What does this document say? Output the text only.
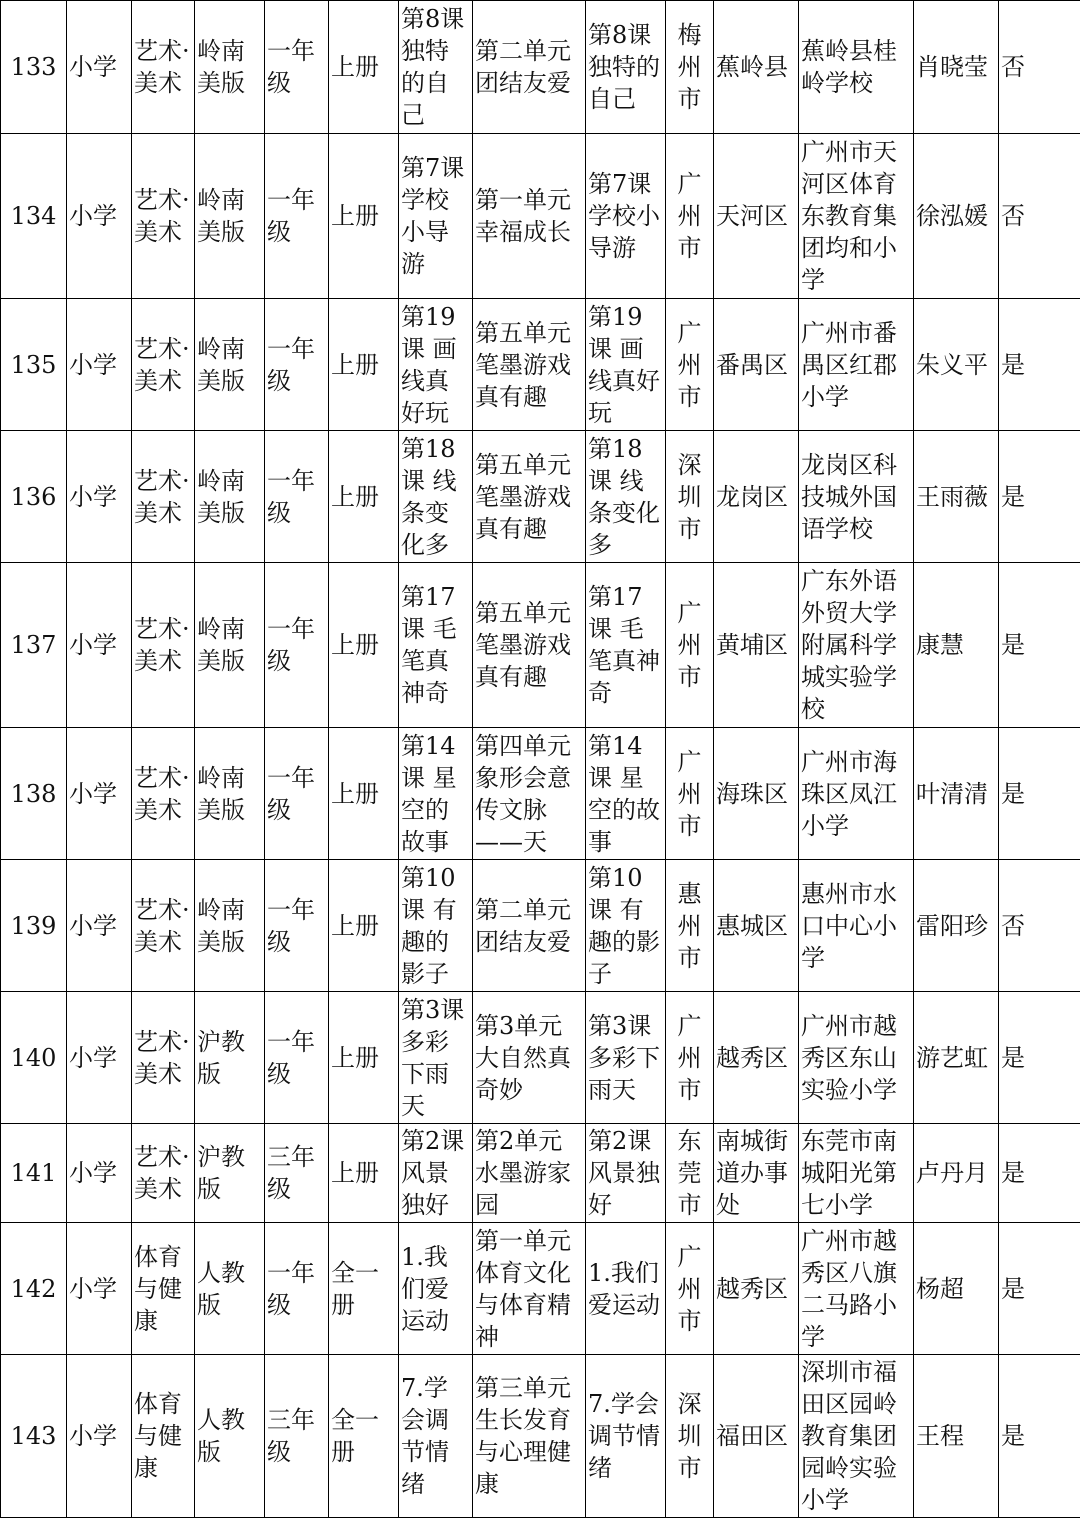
133	小学	艺术·美术	岭南美版	一年级	上册	第8课独特的自己	第二单元团结友爱	第8课独特的自己	梅州市	蕉岭县	蕉岭县桂岭学校	肖晓莹	否
134	小学	艺术·美术	岭南美版	一年级	上册	第7课学校小导游	第一单元幸福成长	第7课学校小导游	广州市	天河区	广州市天河区体育东教育集团均和小学	徐泓媛	否
135	小学	艺术·美术	岭南美版	一年级	上册	第19课 画线真好玩	第五单元笔墨游戏真有趣	第19课 画线真好玩	广州市	番禺区	广州市番禺区红郡小学	朱义平	是
136	小学	艺术·美术	岭南美版	一年级	上册	第18课 线条变化多	第五单元笔墨游戏真有趣	第18课 线条变化多	深圳市	龙岗区	龙岗区科技城外国语学校	王雨薇	是
137	小学	艺术·美术	岭南美版	一年级	上册	第17课 毛笔真神奇	第五单元笔墨游戏真有趣	第17课 毛笔真神奇	广州市	黄埔区	广东外语外贸大学附属科学城实验学校	康慧	是
138	小学	艺术·美术	岭南美版	一年级	上册	第14课 星空的故事	第四单元象形会意传文脉——天	第14课 星空的故事	广州市	海珠区	广州市海珠区凤江小学	叶清清	是
139	小学	艺术·美术	岭南美版	一年级	上册	第10课 有趣的影子	第二单元团结友爱	第10课 有趣的影子	惠州市	惠城区	惠州市水口中心小学	雷阳珍	否
140	小学	艺术·美术	沪教版	一年级	上册	第3课多彩下雨天	第3单元大自然真奇妙	第3课多彩下雨天	广州市	越秀区	广州市越秀区东山实验小学	游艺虹	是
141	小学	艺术·美术	沪教版	三年级	上册	第2课风景独好	第2单元水墨游家园	第2课风景独好	东莞市	南城街道办事处	东莞市南城阳光第七小学	卢丹月	是
142	小学	体育与健康	人教版	一年级	全一册	1.我们爱运动	第一单元体育文化与体育精神	1.我们爱运动	广州市	越秀区	广州市越秀区八旗二马路小学	杨超	是
143	小学	体育与健康	人教版	三年级	全一册	7.学会调节情绪	第三单元生长发育与心理健康	7.学会调节情绪	深圳市	福田区	深圳市福田区园岭教育集团园岭实验小学	王程	是
